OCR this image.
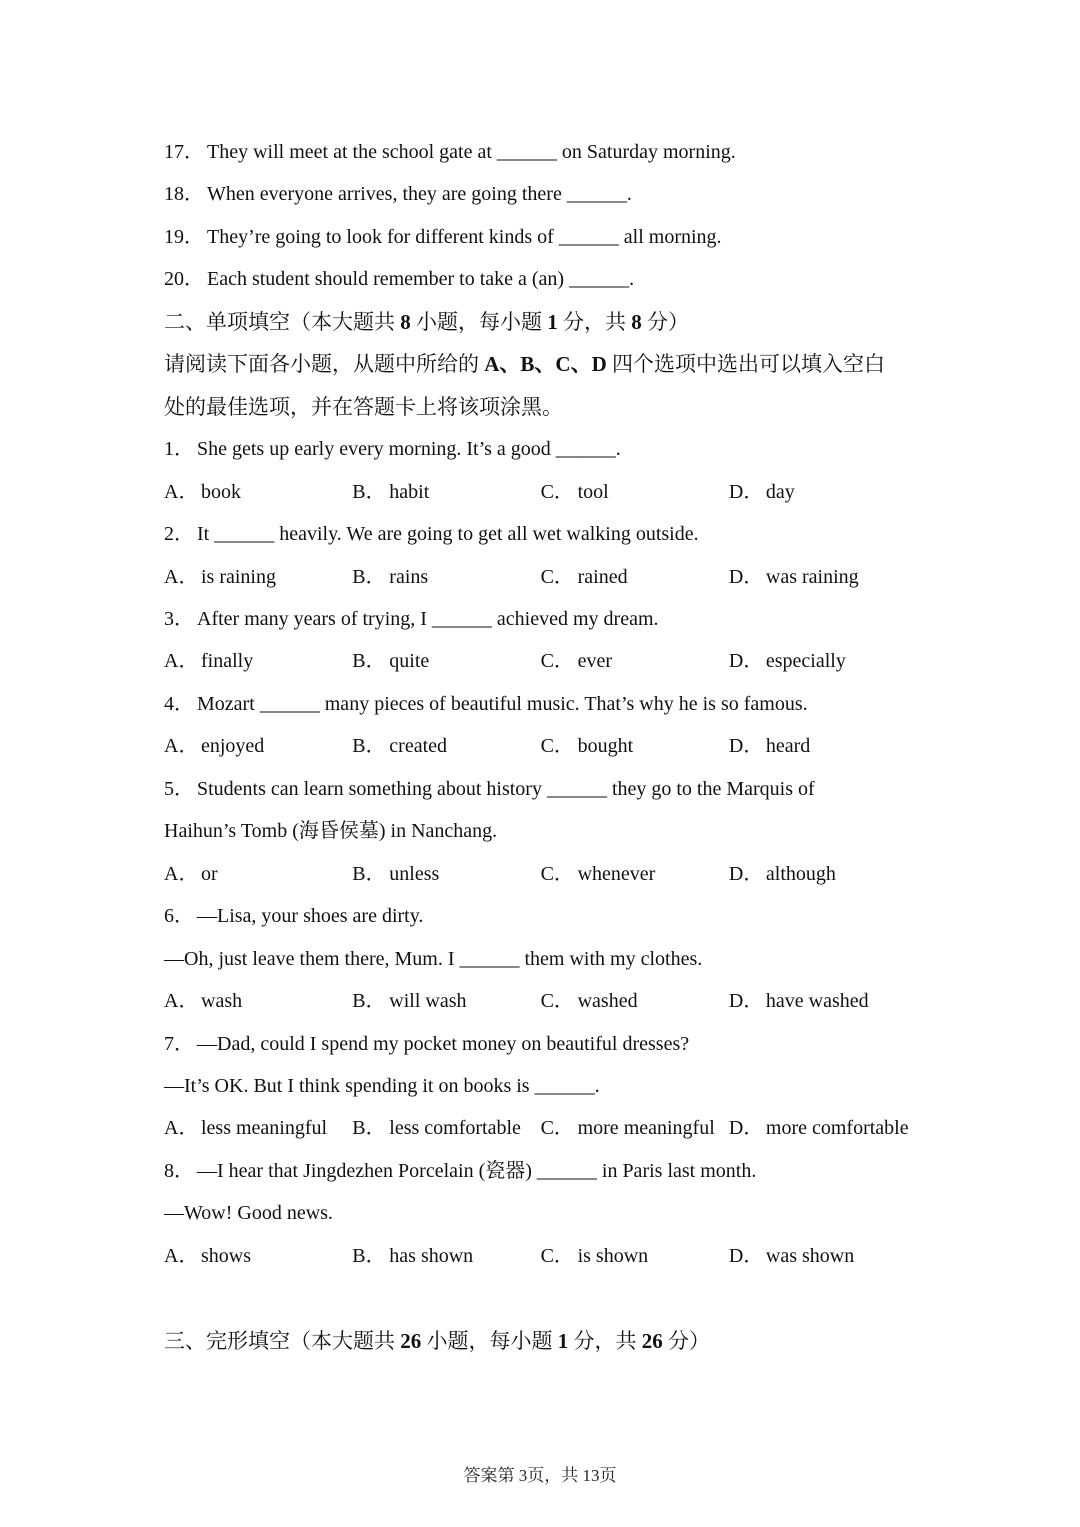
17． They will meet at the school gate at ______ on Saturday morning.
18． When everyone arrives, they are going there ______.
19． They’re going to look for different kinds of ______ all morning.
20． Each student should remember to take a (an) ______.
二、单项填空（本大题共 8 小题，每小题 1 分，共 8 分）
请阅读下面各小题，从题中所给的 A、B、C、D 四个选项中选出可以填入空白
处的最佳选项，并在答题卡上将该项涂黑。
1． She gets up early every morning. It’s a good ______.
A． book	B． habit	C． tool	D． day
2． It ______ heavily. We are going to get all wet walking outside.
A． is raining	B． rains	C． rained	D． was raining
3． After many years of trying, I ______ achieved my dream.
A． finally	B． quite	C． ever	D． especially
4． Mozart ______ many pieces of beautiful music. That’s why he is so famous.
A． enjoyed	B． created	C． bought	D． heard
5． Students can learn something about history ______ they go to the Marquis of
Haihun’s Tomb (海昏侯墓) in Nanchang.
A． or	B． unless	C． whenever	D． although
6． —Lisa, your shoes are dirty.
—Oh, just leave them there, Mum. I ______ them with my clothes.
A． wash	B． will wash	C． washed	D． have washed
7． —Dad, could I spend my pocket money on beautiful dresses?
—It’s OK. But I think spending it on books is ______.
A． less meaningful	B． less comfortable C． more meaningful D． more comfortable
8． —I hear that Jingdezhen Porcelain (瓷器) ______ in Paris last month.
—Wow! Good news.
A． shows	B． has shown	C． is shown	D． was shown
三、完形填空（本大题共 26 小题，每小题 1 分，共 26 分）
答案第 3页，共 13页
